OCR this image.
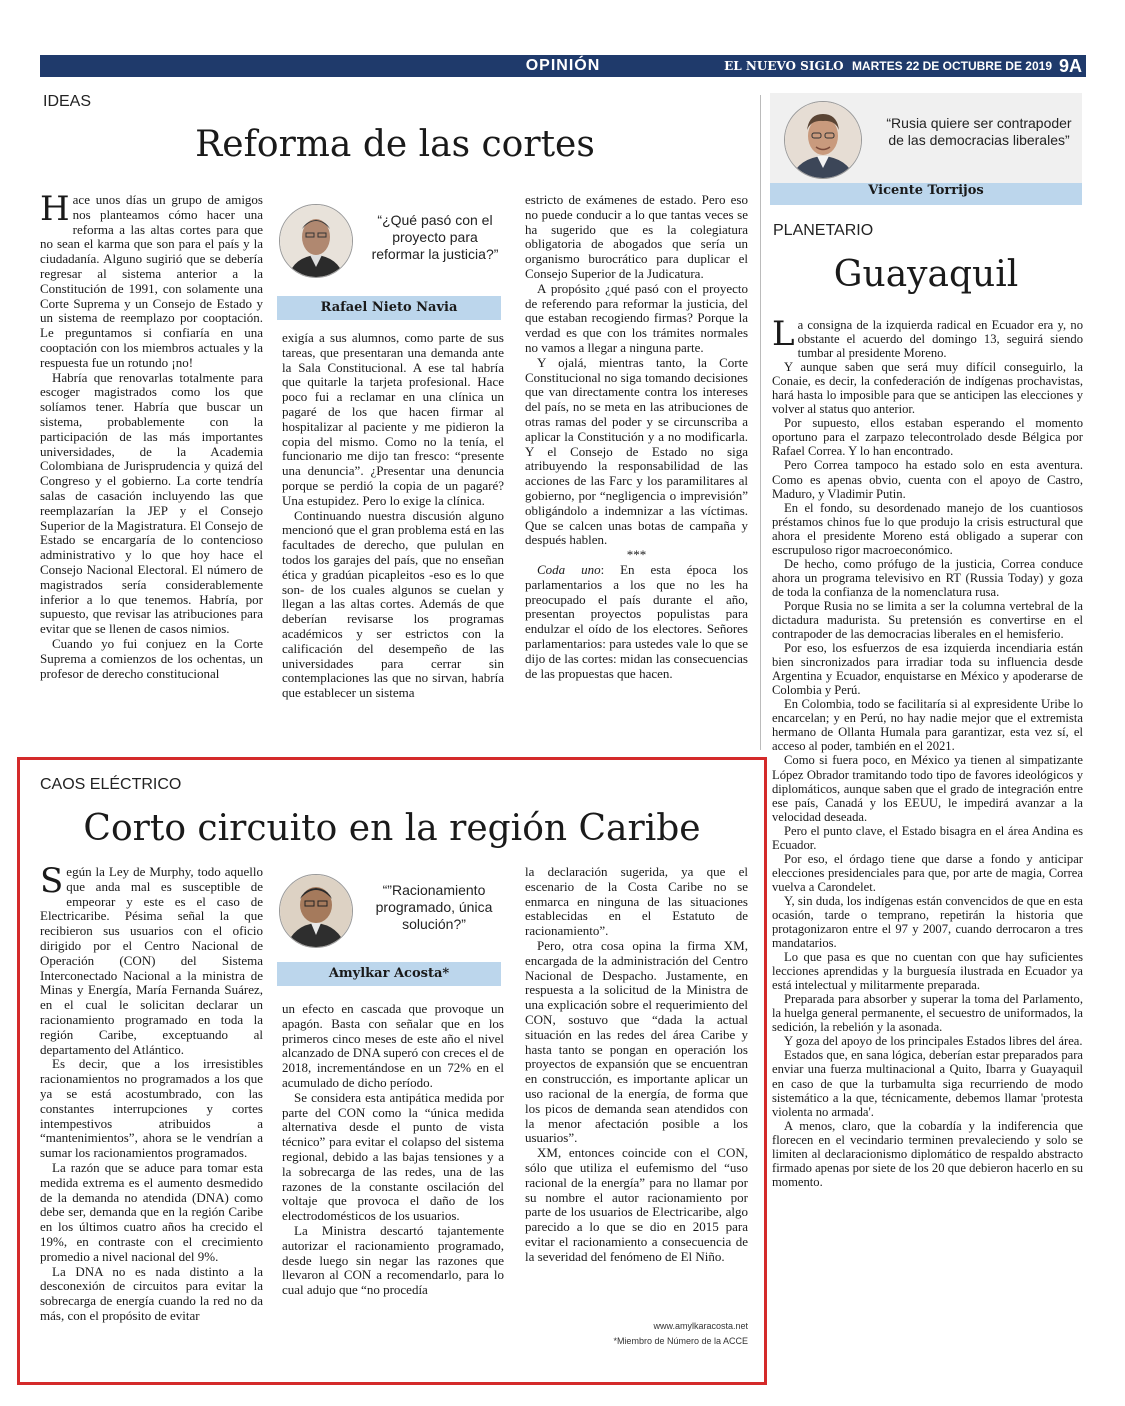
OPINIÓN	EL NUEVO SIGLO MARTES 22 DE OCTUBRE DE 2019 9A
IDEAS
Reforma de las cortes
“¿Qué pasó con el proyecto para reformar la justicia?”
Rafael Nieto Navia

Hace unos días un grupo de amigos nos planteamos cómo hacer una reforma a las altas cortes para que no sean el karma que son para el país y la ciudadanía. Alguno sugirió que se debería regresar al sistema anterior a la Constitución de 1991, con solamente una Corte Suprema y un Consejo de Estado y un sistema de reemplazo por cooptación. Le preguntamos si confiaría en una cooptación con los miembros actuales y la respuesta fue un rotundo ¡no!

Habría que renovarlas totalmente para escoger magistrados como los que solíamos tener. Habría que buscar un sistema, probablemente con la participación de las más importantes universidades, de la Academia Colombiana de Jurisprudencia y quizá del Congreso y el gobierno. La corte tendría salas de casación incluyendo las que reemplazarían la JEP y el Consejo Superior de la Magistratura. El Consejo de Estado se encargaría de lo contencioso administrativo y lo que hoy hace el Consejo Nacional Electoral. El número de magistrados sería considerablemente inferior a lo que tenemos. Habría, por supuesto, que revisar las atribuciones para evitar que se llenen de casos nimios.

Cuando yo fui conjuez en la Corte Suprema a comienzos de los ochentas, un profesor de derecho constitucional

exigía a sus alumnos, como parte de sus tareas, que presentaran una demanda ante la Sala Constitucional. A ese tal habría que quitarle la tarjeta profesional. Hace poco fui a reclamar en una clínica un pagaré de los que hacen firmar al hospitalizar al paciente y me pidieron la copia del mismo. Como no la tenía, el funcionario me dijo tan fresco: “presente una denuncia”. ¿Presentar una denuncia porque se perdió la copia de un pagaré? Una estupidez. Pero lo exige la clínica.

Continuando nuestra discusión alguno mencionó que el gran problema está en las facultades de derecho, que pululan en todos los garajes del país, que no enseñan ética y gradúan picapleitos -eso es lo que son- de los cuales algunos se cuelan y llegan a las altas cortes. Además de que deberían revisarse los programas académicos y ser estrictos con la calificación del desempeño de las universidades para cerrar sin contemplaciones las que no sirvan, habría que establecer un sistema

estricto de exámenes de estado. Pero eso no puede conducir a lo que tantas veces se ha sugerido que es la colegiatura obligatoria de abogados que sería un organismo burocrático para duplicar el Consejo Superior de la Judicatura.

A propósito ¿qué pasó con el proyecto de referendo para reformar la justicia, del que estaban recogiendo firmas? Porque la verdad es que con los trámites normales no vamos a llegar a ninguna parte.

Y ojalá, mientras tanto, la Corte Constitucional no siga tomando decisiones que van directamente contra los intereses del país, no se meta en las atribuciones de otras ramas del poder y se circunscriba a aplicar la Constitución y a no modificarla. Y el Consejo de Estado no siga atribuyendo la responsabilidad de las acciones de las Farc y los paramilitares al gobierno, por “negligencia o imprevisión” obligándolo a indemnizar a las víctimas. Que se calcen unas botas de campaña y después hablen.

***

Coda uno: En esta época los parlamentarios a los que no les ha preocupado el país durante el año, presentan proyectos populistas para endulzar el oído de los electores. Señores parlamentarios: para ustedes vale lo que se dijo de las cortes: midan las consecuencias de las propuestas que hacen.

“Rusia quiere ser contrapoder de las democracias liberales”
Vicente Torrijos
PLANETARIO
Guayaquil

La consigna de la izquierda radical en Ecuador era y, no obstante el acuerdo del domingo 13, seguirá siendo tumbar al presidente Moreno.

Y aunque saben que será muy difícil conseguirlo, la Conaie, es decir, la confederación de indígenas prochavistas, hará hasta lo imposible para que se anticipen las elecciones y volver al status quo anterior.

Por supuesto, ellos estaban esperando el momento oportuno para el zarpazo telecontrolado desde Bélgica por Rafael Correa. Y lo han encontrado.

Pero Correa tampoco ha estado solo en esta aventura. Como es apenas obvio, cuenta con el apoyo de Castro, Maduro, y Vladimir Putin.

En el fondo, su desordenado manejo de los cuantiosos préstamos chinos fue lo que produjo la crisis estructural que ahora el presidente Moreno está obligado a superar con escrupuloso rigor macroeconómico.

De hecho, como prófugo de la justicia, Correa conduce ahora un programa televisivo en RT (Russia Today) y goza de toda la confianza de la nomenclatura rusa.

Porque Rusia no se limita a ser la columna vertebral de la dictadura madurista. Su pretensión es convertirse en el contrapoder de las democracias liberales en el hemisferio.

Por eso, los esfuerzos de esa izquierda incendiaria están bien sincronizados para irradiar toda su influencia desde Argentina y Ecuador, enquistarse en México y apoderarse de Colombia y Perú.

En Colombia, todo se facilitaría si al expresidente Uribe lo encarcelan; y en Perú, no hay nadie mejor que el extremista hermano de Ollanta Humala para garantizar, esta vez sí, el acceso al poder, también en el 2021.

Como si fuera poco, en México ya tienen al simpatizante López Obrador tramitando todo tipo de favores ideológicos y diplomáticos, aunque saben que el grado de integración entre ese país, Canadá y los EEUU, le impedirá avanzar a la velocidad deseada.

Pero el punto clave, el Estado bisagra en el área Andina es Ecuador.

Por eso, el órdago tiene que darse a fondo y anticipar elecciones presidenciales para que, por arte de magia, Correa vuelva a Carondelet.

Y, sin duda, los indígenas están convencidos de que en esta ocasión, tarde o temprano, repetirán la historia que protagonizaron entre el 97 y 2007, cuando derrocaron a tres mandatarios.

Lo que pasa es que no cuentan con que hay suficientes lecciones aprendidas y la burguesía ilustrada en Ecuador ya está intelectual y militarmente preparada.

Preparada para absorber y superar la toma del Parlamento, la huelga general permanente, el secuestro de uniformados, la sedición, la rebelión y la asonada.

Y goza del apoyo de los principales Estados libres del área.

Estados que, en sana lógica, deberían estar preparados para enviar una fuerza multinacional a Quito, Ibarra y Guayaquil en caso de que la turbamulta siga recurriendo de modo sistemático a la que, técnicamente, debemos llamar 'protesta violenta no armada'.

A menos, claro, que la cobardía y la indiferencia que florecen en el vecindario terminen prevaleciendo y solo se limiten al declaracionismo diplomático de respaldo abstracto firmado apenas por siete de los 20 que debieron hacerlo en su momento.

CAOS ELÉCTRICO
Corto circuito en la región Caribe
“”Racionamiento programado, única solución?”
Amylkar Acosta*

Según la Ley de Murphy, todo aquello que anda mal es susceptible de empeorar y este es el caso de Electricaribe. Pésima señal la que recibieron sus usuarios con el oficio dirigido por el Centro Nacional de Operación (CON) del Sistema Interconectado Nacional a la ministra de Minas y Energía, María Fernanda Suárez, en el cual le solicitan declarar un racionamiento programado en toda la región Caribe, exceptuando al departamento del Atlántico.

Es decir, que a los irresistibles racionamientos no programados a los que ya se está acostumbrado, con las constantes interrupciones y cortes intempestivos atribuidos a “mantenimientos”, ahora se le vendrían a sumar los racionamientos programados.

La razón que se aduce para tomar esta medida extrema es el aumento desmedido de la demanda no atendida (DNA) como debe ser, demanda que en la región Caribe en los últimos cuatro años ha crecido el 19%, en contraste con el crecimiento promedio a nivel nacional del 9%.

La DNA no es nada distinto a la desconexión de circuitos para evitar la sobrecarga de energía cuando la red no da más, con el propósito de evitar

un efecto en cascada que provoque un apagón. Basta con señalar que en los primeros cinco meses de este año el nivel alcanzado de DNA superó con creces el de 2018, incrementándose en un 72% en el acumulado de dicho período.

Se considera esta antipática medida por parte del CON como la “única medida alternativa desde el punto de vista técnico” para evitar el colapso del sistema regional, debido a las bajas tensiones y a la sobrecarga de las redes, una de las razones de la constante oscilación del voltaje que provoca el daño de los electrodomésticos de los usuarios.

La Ministra descartó tajantemente autorizar el racionamiento programado, desde luego sin negar las razones que llevaron al CON a recomendarlo, para lo cual adujo que “no procedía

la declaración sugerida, ya que el escenario de la Costa Caribe no se enmarca en ninguna de las situaciones establecidas en el Estatuto de racionamiento”.

Pero, otra cosa opina la firma XM, encargada de la administración del Centro Nacional de Despacho. Justamente, en respuesta a la solicitud de la Ministra de una explicación sobre el requerimiento del CON, sostuvo que “dada la actual situación en las redes del área Caribe y hasta tanto se pongan en operación los proyectos de expansión que se encuentran en construcción, es importante aplicar un uso racional de la energía, de forma que los picos de demanda sean atendidos con la menor afectación posible a los usuarios”.

XM, entonces coincide con el CON, sólo que utiliza el eufemismo del “uso racional de la energía” para no llamar por su nombre el autor racionamiento por parte de los usuarios de Electricaribe, algo parecido a lo que se dio en 2015 para evitar el racionamiento a consecuencia de la severidad del fenómeno de El Niño.

www.amylkaracosta.net
*Miembro de Número de la ACCE
